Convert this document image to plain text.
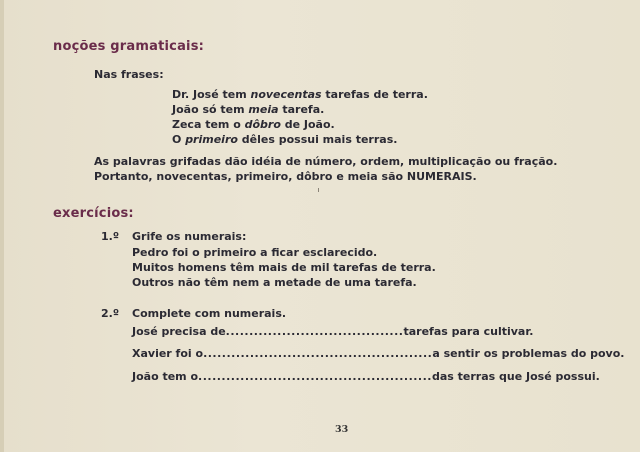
noções gramaticais:
Nas frases:
Dr. José tem novecentas tarefas de terra.
João só tem meia tarefa.
Zeca tem o dôbro de João.
O primeiro dêles possui mais terras.
As palavras grifadas dão idéia de número, ordem, multiplicação ou fração.
Portanto, novecentas, primeiro, dôbro e meia são NUMERAIS.
exercícios:
1.º Grife os numerais:
Pedro foi o primeiro a ficar esclarecido.
Muitos homens têm mais de mil tarefas de terra.
Outros não têm nem a metade de uma tarefa.
2.º Complete com numerais.
José precisa de......................................tarefas para cultivar.
Xavier foi o.................................................a sentir os problemas do povo.
João tem o..................................................das terras que José possui.
33
